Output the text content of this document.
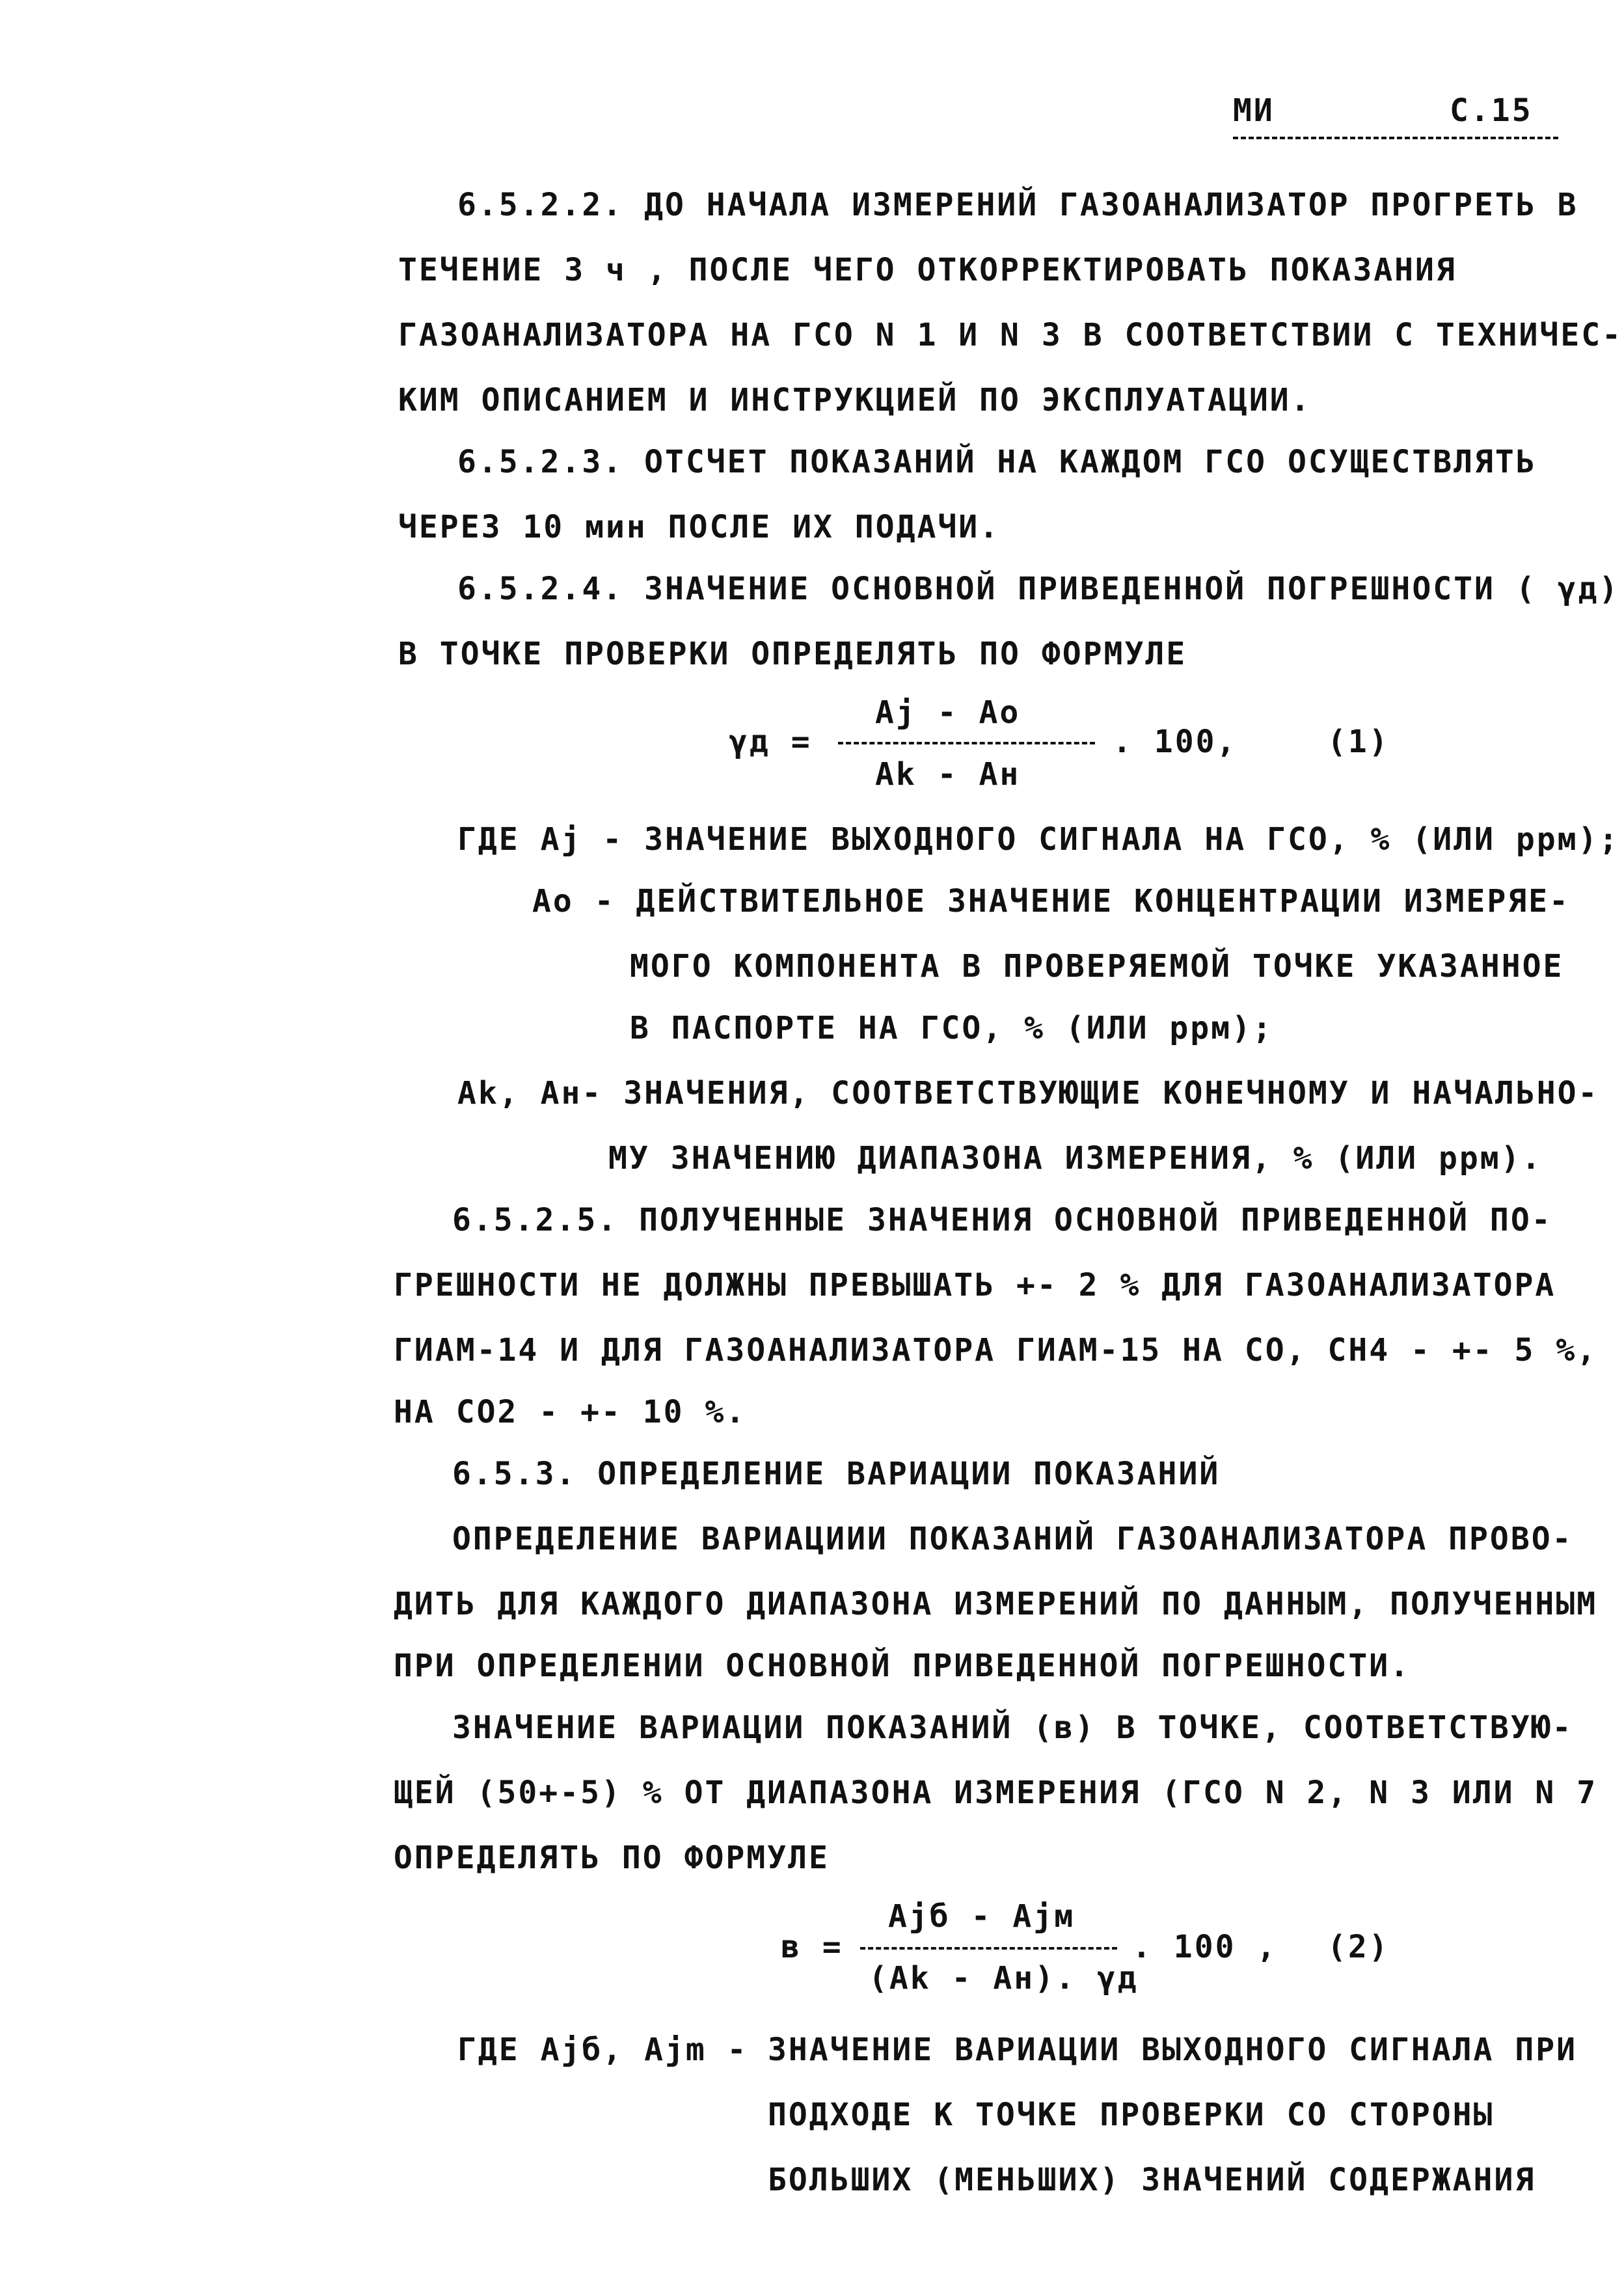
МИ	С.15
6.5.2.2. ДО НАЧАЛА ИЗМЕРЕНИЙ ГАЗОАНАЛИЗАТОР ПРОГРЕТЬ В
ТЕЧЕНИЕ 3 ч , ПОСЛЕ ЧЕГО ОТКОРРЕКТИРОВАТЬ ПОКАЗАНИЯ
ГАЗОАНАЛИЗАТОРА НА ГСО N 1 И N 3 В СООТВЕТСТВИИ С ТЕХНИЧЕС-
КИМ ОПИСАНИЕМ И ИНСТРУКЦИЕЙ ПО ЭКСПЛУАТАЦИИ.
6.5.2.3. ОТСЧЕТ ПОКАЗАНИЙ НА КАЖДОМ ГСО ОСУЩЕСТВЛЯТЬ
ЧЕРЕЗ 10 мин ПОСЛЕ ИХ ПОДАЧИ.
6.5.2.4. ЗНАЧЕНИЕ ОСНОВНОЙ ПРИВЕДЕННОЙ ПОГРЕШНОСТИ ( γд)
В ТОЧКЕ ПРОВЕРКИ ОПРЕДЕЛЯТЬ ПО ФОРМУЛЕ
Aj - Ao
γд =	. 100,	(1)
Ak - Aн
ГДЕ Aj - ЗНАЧЕНИЕ ВЫХОДНОГО СИГНАЛА НА ГСО, % (ИЛИ ppм);
Ao - ДЕЙСТВИТЕЛЬНОЕ ЗНАЧЕНИЕ КОНЦЕНТРАЦИИ ИЗМЕРЯЕ-
МОГО КОМПОНЕНТА В ПРОВЕРЯЕМОЙ ТОЧКЕ УКАЗАННОЕ
В ПАСПОРТЕ НА ГСО, % (ИЛИ ppм);
Ak, Aн- ЗНАЧЕНИЯ, СООТВЕТСТВУЮЩИЕ КОНЕЧНОМУ И НАЧАЛЬНО-
МУ ЗНАЧЕНИЮ ДИАПАЗОНА ИЗМЕРЕНИЯ, % (ИЛИ ppм).
6.5.2.5. ПОЛУЧЕННЫЕ ЗНАЧЕНИЯ ОСНОВНОЙ ПРИВЕДЕННОЙ ПО-
ГРЕШНОСТИ НЕ ДОЛЖНЫ ПРЕВЫШАТЬ +- 2 % ДЛЯ ГАЗОАНАЛИЗАТОРА
ГИАМ-14 И ДЛЯ ГАЗОАНАЛИЗАТОРА ГИАМ-15 НА CO, CH4 - +- 5 %,
НА CO2 - +- 10 %.
6.5.3. ОПРЕДЕЛЕНИЕ ВАРИАЦИИ ПОКАЗАНИЙ
ОПРЕДЕЛЕНИЕ ВАРИАЦИИИ ПОКАЗАНИЙ ГАЗОАНАЛИЗАТОРА ПРОВО-
ДИТЬ ДЛЯ КАЖДОГО ДИАПАЗОНА ИЗМЕРЕНИЙ ПО ДАННЫМ, ПОЛУЧЕННЫМ
ПРИ ОПРЕДЕЛЕНИИ ОСНОВНОЙ ПРИВЕДЕННОЙ ПОГРЕШНОСТИ.
ЗНАЧЕНИЕ ВАРИАЦИИ ПОКАЗАНИЙ (в) В ТОЧКЕ, СООТВЕТСТВУЮ-
ЩЕЙ (50+-5) % ОТ ДИАПАЗОНА ИЗМЕРЕНИЯ (ГСО N 2, N 3 ИЛИ N 7
ОПРЕДЕЛЯТЬ ПО ФОРМУЛЕ
Ajб - Ajм
в =	. 100 , (2)
(Ak - Aн). γд
ГДЕ Ajб, Ajm - ЗНАЧЕНИЕ ВАРИАЦИИ ВЫХОДНОГО СИГНАЛА ПРИ
ПОДХОДЕ К ТОЧКЕ ПРОВЕРКИ СО СТОРОНЫ
БОЛЬШИХ (МЕНЬШИХ) ЗНАЧЕНИЙ СОДЕРЖАНИЯ
